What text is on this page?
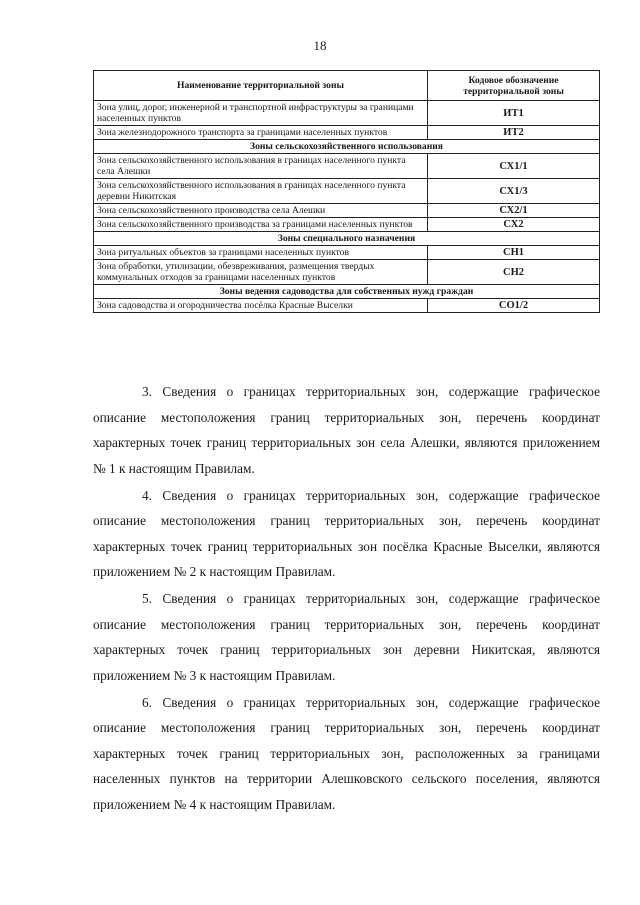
18
Наименование территориальной зоны	Кодовое обозначение территориальной зоны
Зона улиц, дорог, инженерной и транспортной инфраструктуры за границами населенных пунктов	ИТ1
Зона железнодорожного транспорта за границами населенных пунктов	ИТ2
Зоны сельскохозяйственного использования	
Зона сельскохозяйственного использования в границах населенного пункта села Алешки	СХ1/1
Зона сельскохозяйственного использования в границах населенного пункта деревни Никитская	СХ1/3
Зона сельскохозяйственного производства села Алешки	СХ2/1
Зона сельскохозяйственного производства за границами населенных пунктов	СХ2
Зоны специального назначения	
Зона ритуальных объектов за границами населенных пунктов	СН1
Зона обработки, утилизации, обезвреживания, размещения твердых коммунальных отходов за границами населенных пунктов	СН2
Зоны ведения садоводства для собственных нужд граждан	
Зона садоводства и огородничества посёлка Красные Выселки	СО1/2

3. Сведения о границах территориальных зон, содержащие графическое описание местоположения границ территориальных зон, перечень координат характерных точек границ территориальных зон села Алешки, являются приложением № 1 к настоящим Правилам.

4. Сведения о границах территориальных зон, содержащие графическое описание местоположения границ территориальных зон, перечень координат характерных точек границ территориальных зон посёлка Красные Выселки, являются приложением № 2 к настоящим Правилам.

5. Сведения о границах территориальных зон, содержащие графическое описание местоположения границ территориальных зон, перечень координат характерных точек границ территориальных зон деревни Никитская, являются приложением № 3 к настоящим Правилам.

6. Сведения о границах территориальных зон, содержащие графическое описание местоположения границ территориальных зон, перечень координат характерных точек границ территориальных зон, расположенных за границами населенных пунктов на территории Алешковского сельского поселения, являются приложением № 4 к настоящим Правилам.
